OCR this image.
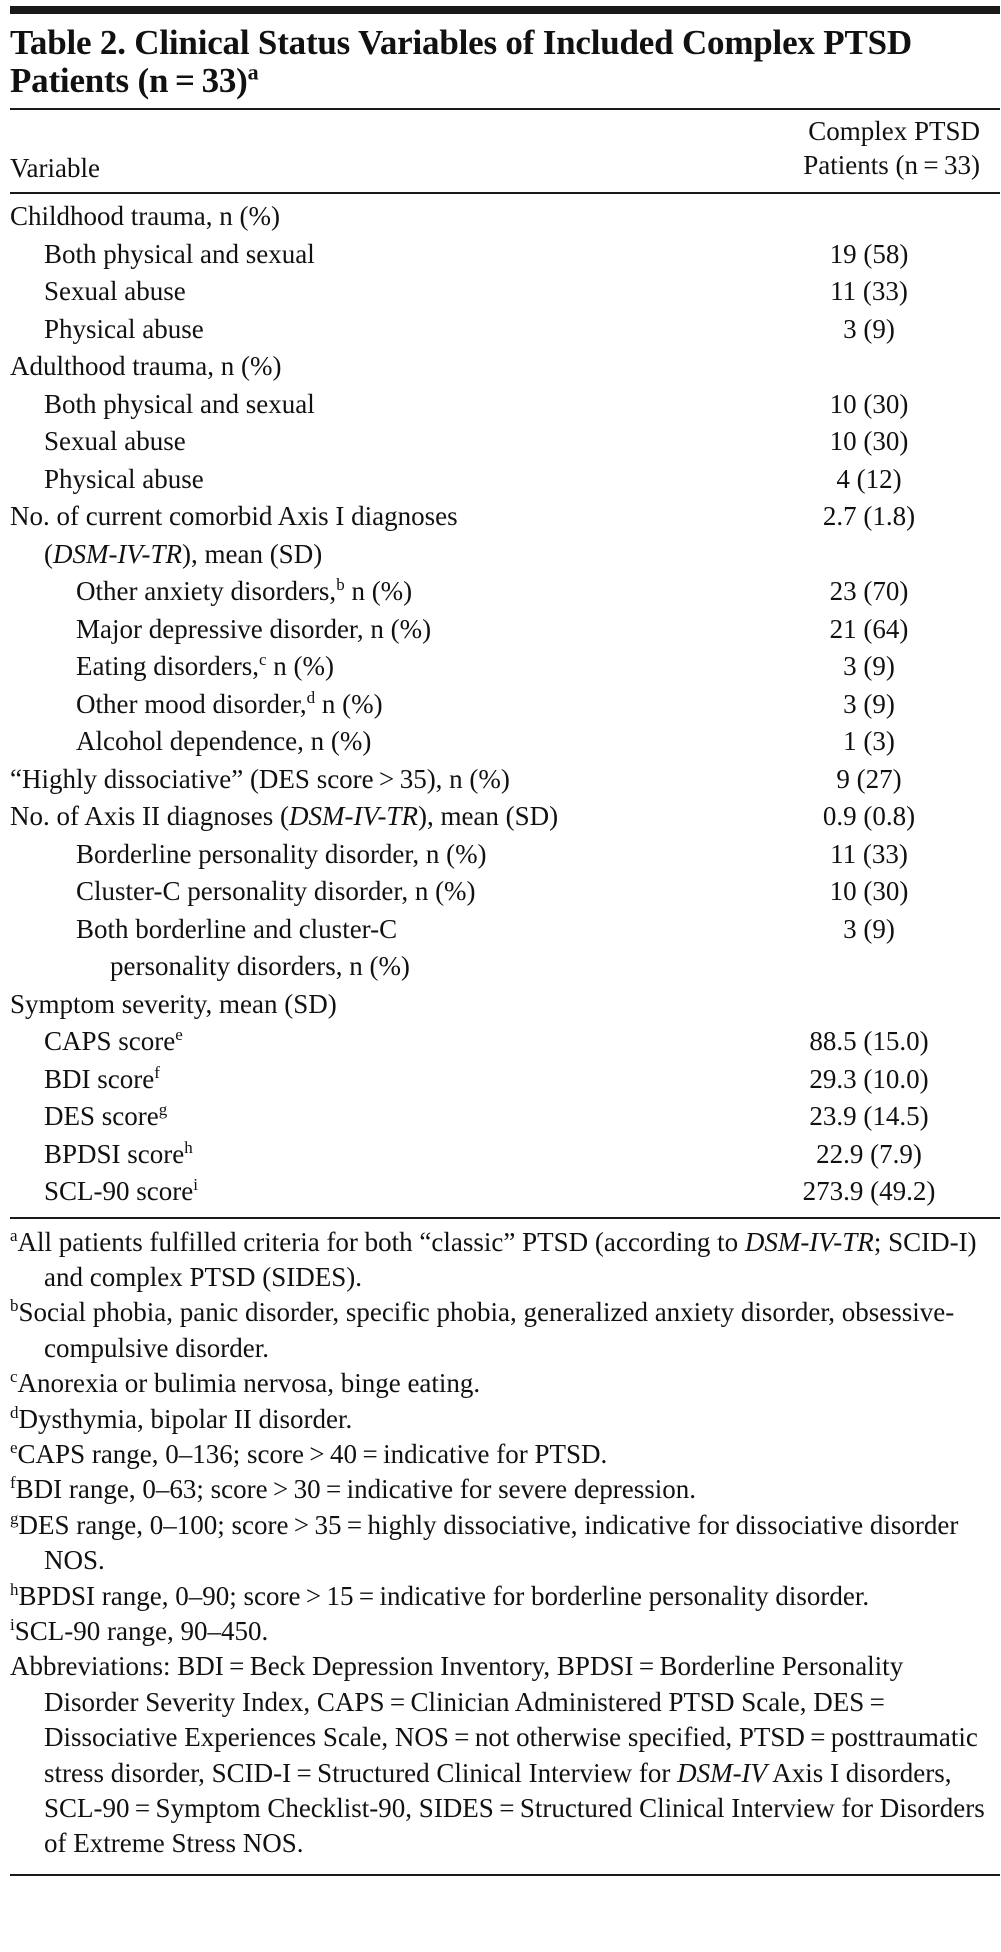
Table 2. Clinical Status Variables of Included Complex PTSD Patients (n = 33)$^a$
Variable
Complex PTSD
Patients (n = 33)
Childhood trauma, n (%)
Both physical and sexual	19 (58)
Sexual abuse	11 (33)
Physical abuse	3 (9)
Adulthood trauma, n (%)
Both physical and sexual	10 (30)
Sexual abuse	10 (30)
Physical abuse	4 (12)
No. of current comorbid Axis I diagnoses	2.7 (1.8)
(DSM-IV-TR), mean (SD)
Other anxiety disorders,$^b$ n (%)	23 (70)
Major depressive disorder, n (%)	21 (64)
Eating disorders,$^c$ n (%)	3 (9)
Other mood disorder,$^d$ n (%)	3 (9)
Alcohol dependence, n (%)	1 (3)
“Highly dissociative” (DES score > 35), n (%)	9 (27)
No. of Axis II diagnoses (DSM-IV-TR), mean (SD)	0.9 (0.8)
Borderline personality disorder, n (%)	11 (33)
Cluster-C personality disorder, n (%)	10 (30)
Both borderline and cluster-C	3 (9)
personality disorders, n (%)
Symptom severity, mean (SD)
CAPS score$^e$	88.5 (15.0)
BDI score$^f$	29.3 (10.0)
DES score$^g$	23.9 (14.5)
BPDSI score$^h$	22.9 (7.9)
SCL-90 score$^i$	273.9 (49.2)
$^a$All patients fulfilled criteria for both “classic” PTSD (according to DSM-IV-TR; SCID-I) and complex PTSD (SIDES).
$^b$Social phobia, panic disorder, specific phobia, generalized anxiety disorder, obsessive-compulsive disorder.
$^c$Anorexia or bulimia nervosa, binge eating.
$^d$Dysthymia, bipolar II disorder.
$^e$CAPS range, 0–136; score > 40 = indicative for PTSD.
$^f$BDI range, 0–63; score > 30 = indicative for severe depression.
$^g$DES range, 0–100; score > 35 = highly dissociative, indicative for dissociative disorder NOS.
$^h$BPDSI range, 0–90; score > 15 = indicative for borderline personality disorder.
$^i$SCL-90 range, 90–450.
Abbreviations: BDI = Beck Depression Inventory, BPDSI = Borderline Personality Disorder Severity Index, CAPS = Clinician Administered PTSD Scale, DES = Dissociative Experiences Scale, NOS = not otherwise specified, PTSD = posttraumatic stress disorder, SCID-I = Structured Clinical Interview for DSM-IV Axis I disorders, SCL-90 = Symptom Checklist-90, SIDES = Structured Clinical Interview for Disorders of Extreme Stress NOS.
